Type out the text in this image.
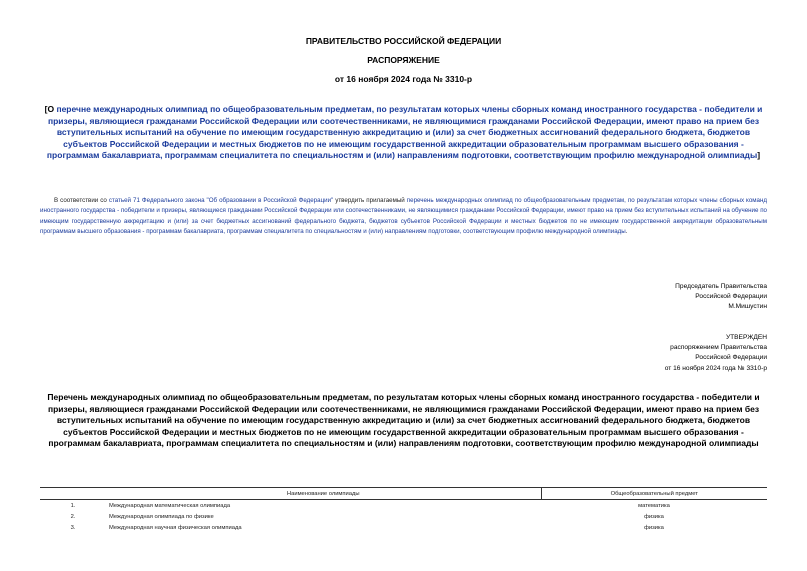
ПРАВИТЕЛЬСТВО РОССИЙСКОЙ ФЕДЕРАЦИИ
РАСПОРЯЖЕНИЕ
от 16 ноября 2024 года № 3310-р
[О перечне международных олимпиад по общеобразовательным предметам, по результатам которых члены сборных команд иностранного государства - победители и призеры, являющиеся гражданами Российской Федерации или соотечественниками, не являющимися гражданами Российской Федерации, имеют право на прием без вступительных испытаний на обучение по имеющим государственную аккредитацию и (или) за счет бюджетных ассигнований федерального бюджета, бюджетов субъектов Российской Федерации и местных бюджетов по не имеющим государственной аккредитации образовательным программам высшего образования - программам бакалавриата, программам специалитета по специальностям и (или) направлениям подготовки, соответствующим профилю международной олимпиады]
В соответствии со статьей 71 Федерального закона "Об образовании в Российской Федерации" утвердить прилагаемый перечень международных олимпиад по общеобразовательным предметам, по результатам которых члены сборных команд иностранного государства - победители и призеры, являющиеся гражданами Российской Федерации или соотечественниками, не являющимися гражданами Российской Федерации, имеют право на прием без вступительных испытаний на обучение по имеющим государственную аккредитацию и (или) за счет бюджетных ассигнований федерального бюджета, бюджетов субъектов Российской Федерации и местных бюджетов по не имеющим государственной аккредитации образовательным программам высшего образования - программам бакалавриата, программам специалитета по специальностям и (или) направлениям подготовки, соответствующим профилю международной олимпиады.
Председатель Правительства
Российской Федерации
М.Мишустин
УТВЕРЖДЕН
распоряжением Правительства
Российской Федерации
от 16 ноября 2024 года № 3310-р
Перечень международных олимпиад по общеобразовательным предметам, по результатам которых члены сборных команд иностранного государства - победители и призеры, являющиеся гражданами Российской Федерации или соотечественниками, не являющимися гражданами Российской Федерации, имеют право на прием без вступительных испытаний на обучение по имеющим государственную аккредитацию и (или) за счет бюджетных ассигнований федерального бюджета, бюджетов субъектов Российской Федерации и местных бюджетов по не имеющим государственной аккредитации образовательным программам высшего образования - программам бакалавриата, программам специалитета по специальностям и (или) направлениям подготовки, соответствующим профилю международной олимпиады
	Наименование олимпиады	Общеобразовательный предмет
1.	Международная математическая олимпиада	математика
2.	Международная олимпиада по физике	физика
3.	Международная научная физическая олимпиада	физика
